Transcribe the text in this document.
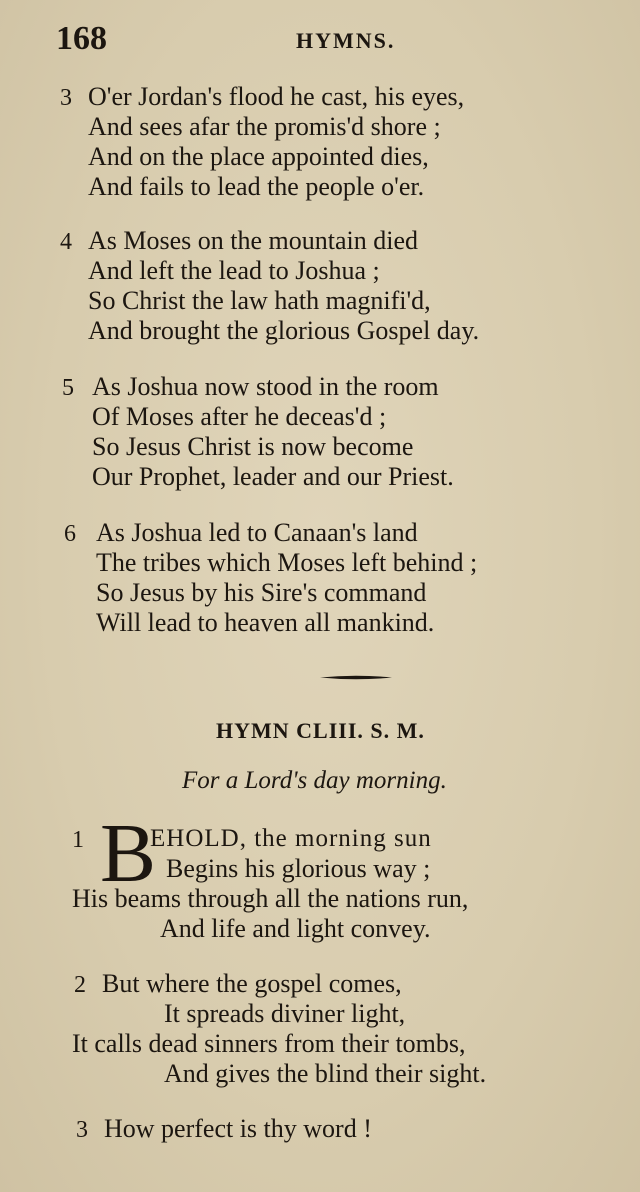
168	HYMNS.
3 O'er Jordan's flood he cast, his eyes,
And sees afar the promis'd shore ;
And on the place appointed dies,
And fails to lead the people o'er.
4 As Moses on the mountain died
And left the lead to Joshua ;
So Christ the law hath magnifi'd,
And brought the glorious Gospel day.
5 As Joshua now stood in the room
Of Moses after he deceas'd ;
So Jesus Christ is now become
Our Prophet, leader and our Priest.
6 As Joshua led to Canaan's land
The tribes which Moses left behind ;
So Jesus by his Sire's command
Will lead to heaven all mankind.
HYMN CLIII. S. M.
For a Lord's day morning.
1 B
EHOLD, the morning sun
Begins his glorious way ;
His beams through all the nations run,
And life and light convey.
2 But where the gospel comes,
It spreads diviner light,
It calls dead sinners from their tombs,
And gives the blind their sight.
3 How perfect is thy word !
